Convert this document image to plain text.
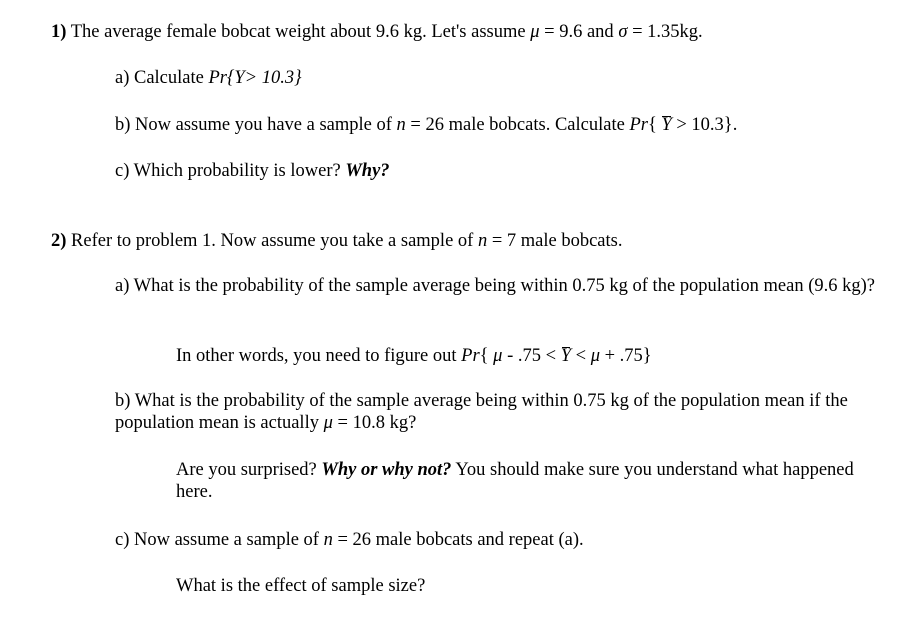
1) The average female bobcat weight about 9.6 kg. Let's assume μ = 9.6 and σ = 1.35kg.
a) Calculate Pr{Y> 10.3}
b) Now assume you have a sample of n = 26 male bobcats. Calculate Pr{ Y > 10.3}.
c) Which probability is lower? Why?
2) Refer to problem 1. Now assume you take a sample of n = 7 male bobcats.
a) What is the probability of the sample average being within 0.75 kg of the population mean (9.6 kg)?
In other words, you need to figure out Pr{ μ - .75 < Y < μ + .75}
b) What is the probability of the sample average being within 0.75 kg of the population mean if the population mean is actually μ = 10.8 kg?
Are you surprised? Why or why not? You should make sure you understand what happened here.
c) Now assume a sample of n = 26 male bobcats and repeat (a).
What is the effect of sample size?
